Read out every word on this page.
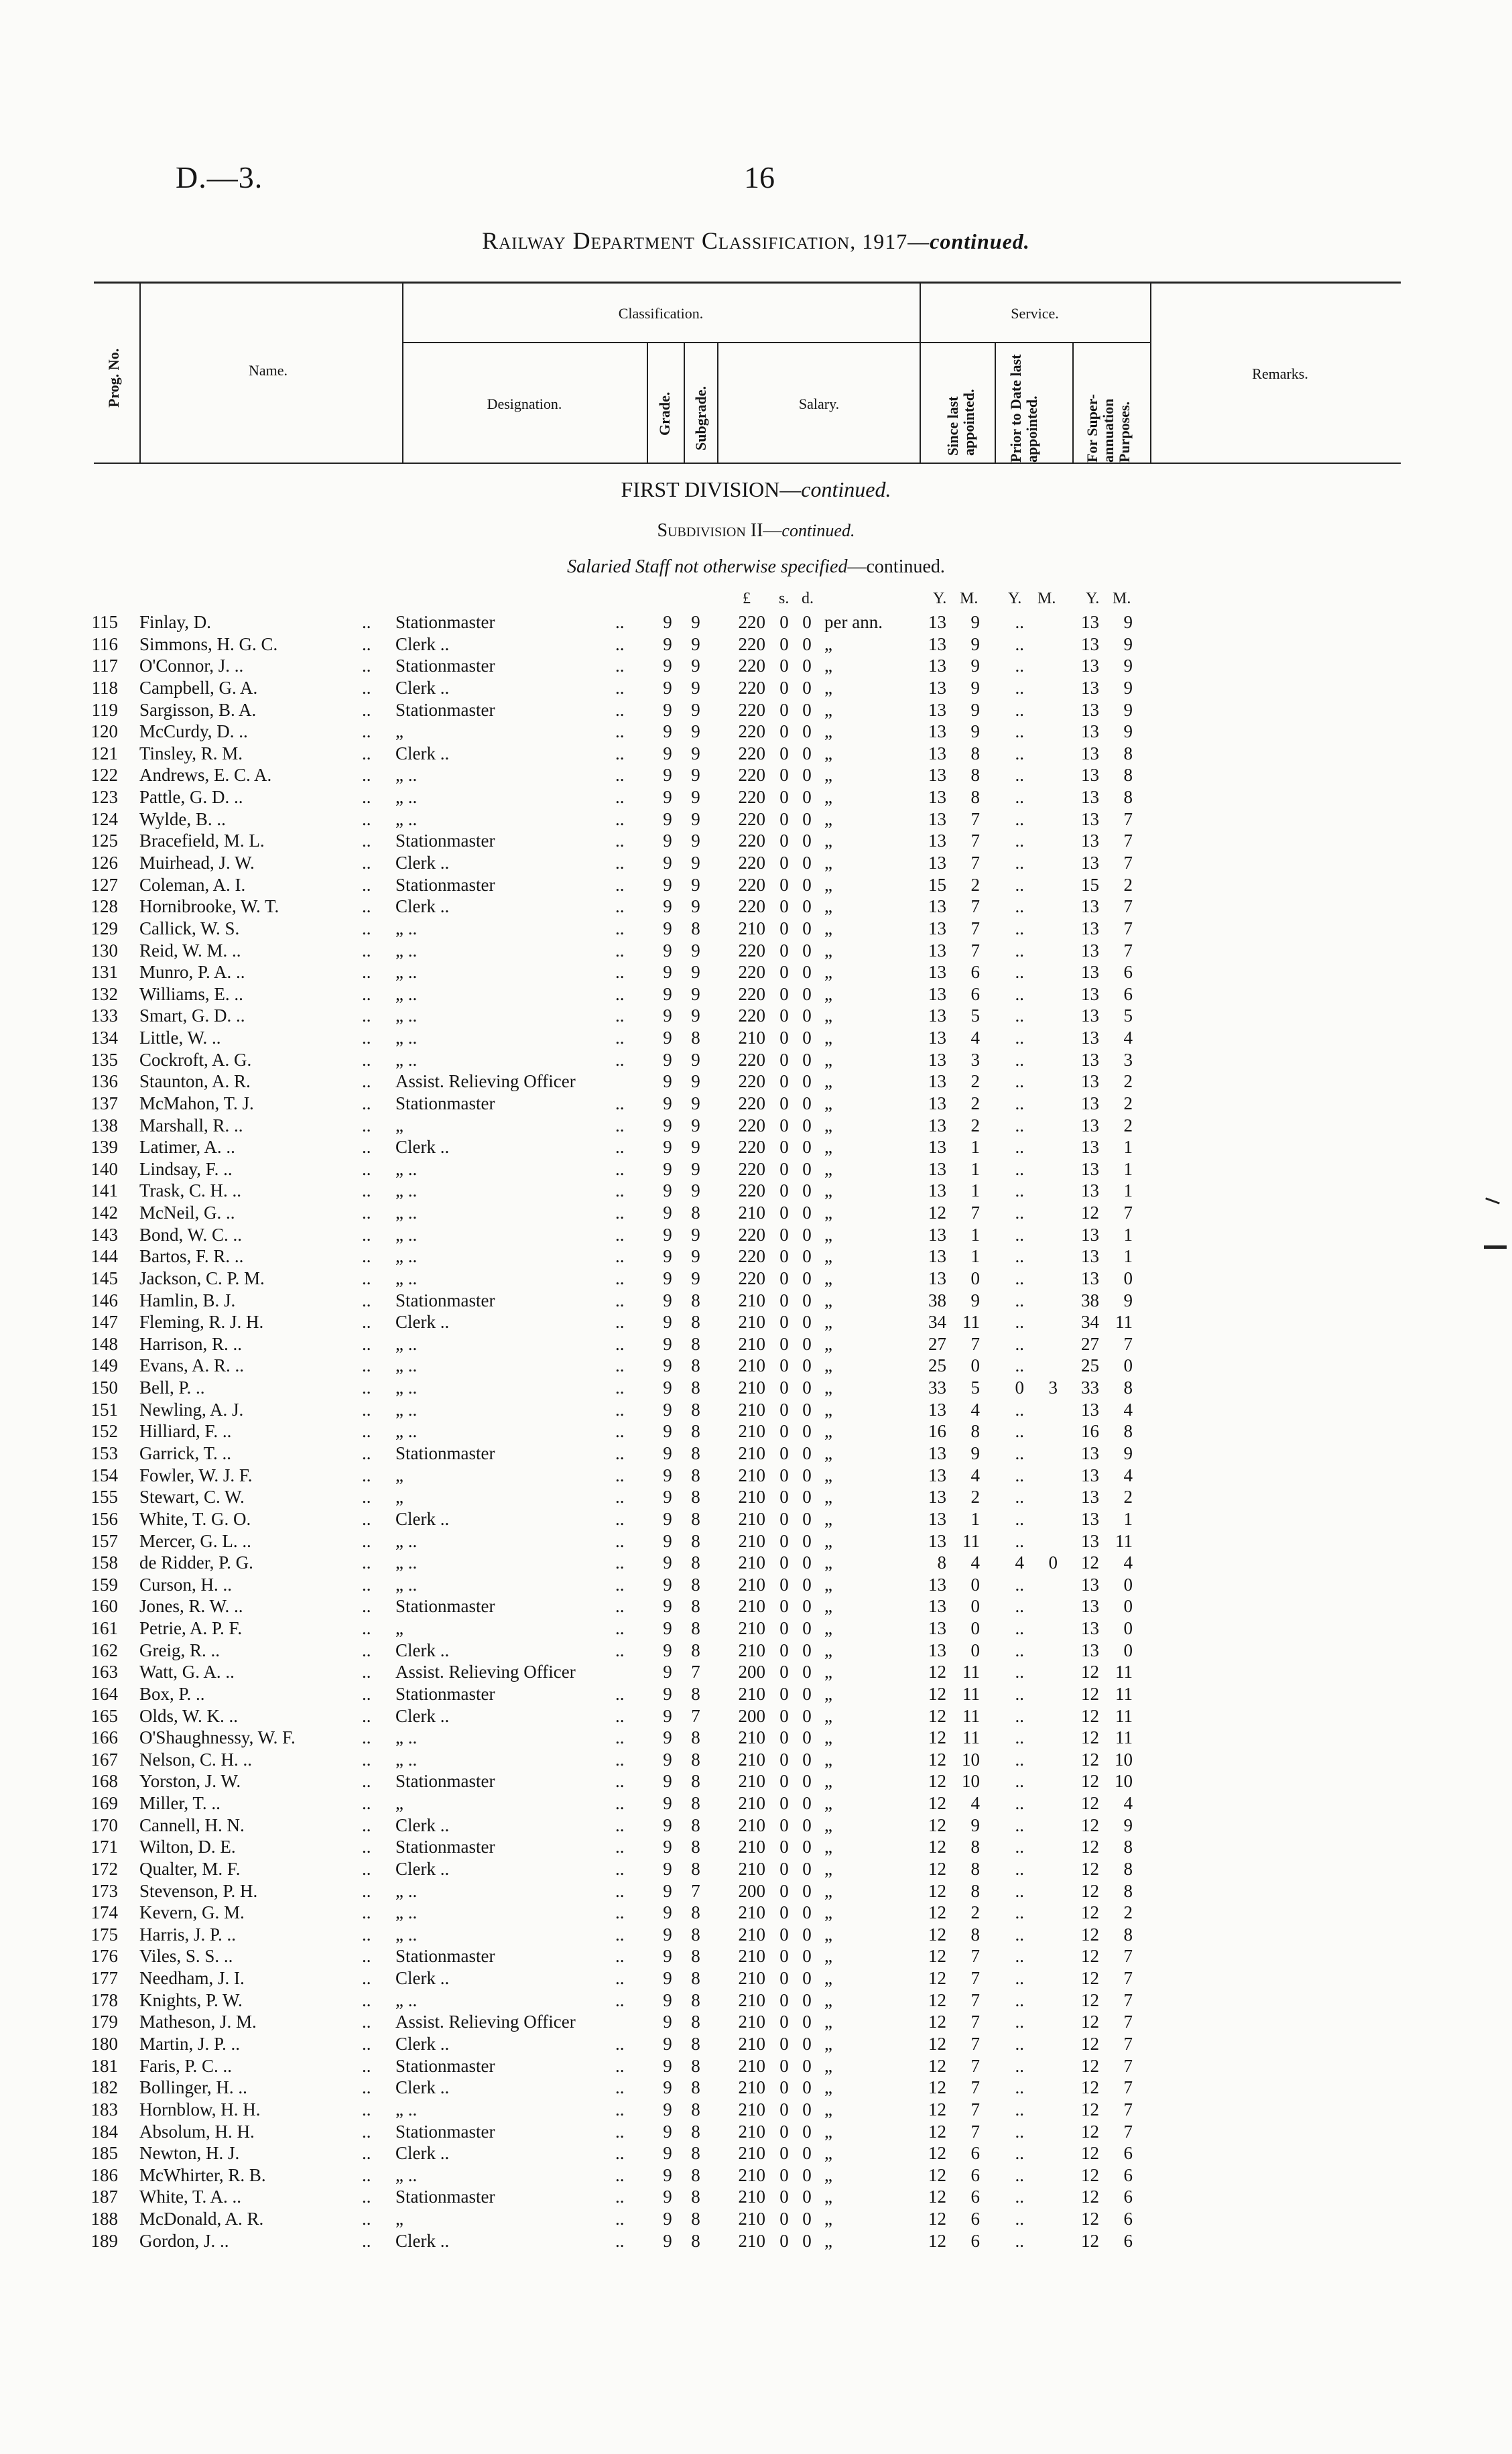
D.—3.	16
Railway Department Classification, 1917—continued.
Prog. No.	Name.
Classification.	Service.
Designation.	Grade. Subgrade.	Salary.	Since last appointed. Prior to Date last appointed.	For Super-annuation Purposes.
Remarks.
FIRST DIVISION—continued.
Subdivision II—continued.
Salaried Staff not otherwise specified—continued.
£ s. d.	Y. M. Y. M. Y. M.
115 Finlay, D.	.. Stationmaster	..	9	9	220 0 0 per ann.	13	9	..	13	9
116 Simmons, H. G. C.	.. Clerk ..	..	9	9	220 0 0 „	13	9	..	13	9
117 O'Connor, J. ..	.. Stationmaster	..	9	9	220 0 0 „	13	9	..	13	9
118 Campbell, G. A.	.. Clerk ..	..	9	9	220 0 0 „	13	9	..	13	9
119 Sargisson, B. A.	.. Stationmaster	..	9	9	220 0 0 „	13	9	..	13	9
120 McCurdy, D. ..	.. „	..	9	9	220 0 0 „	13	9	..	13	9
121 Tinsley, R. M.	.. Clerk ..	..	9	9	220 0 0 „	13	8	..	13	8
122 Andrews, E. C. A.	.. „ ..	..	9	9	220 0 0 „	13	8	..	13	8
123 Pattle, G. D. ..	.. „ ..	..	9	9	220 0 0 „	13	8	..	13	8
124 Wylde, B. ..	.. „ ..	..	9	9	220 0 0 „	13	7	..	13	7
125 Bracefield, M. L.	.. Stationmaster	..	9	9	220 0 0 „	13	7	..	13	7
126 Muirhead, J. W.	.. Clerk ..	..	9	9	220 0 0 „	13	7	..	13	7
127 Coleman, A. I.	.. Stationmaster	..	9	9	220 0 0 „	15	2	..	15	2
128 Hornibrooke, W. T.	.. Clerk ..	..	9	9	220 0 0 „	13	7	..	13	7
129 Callick, W. S.	.. „ ..	..	9	8	210 0 0 „	13	7	..	13	7
130 Reid, W. M. ..	.. „ ..	..	9	9	220 0 0 „	13	7	..	13	7
131 Munro, P. A. ..	.. „ ..	..	9	9	220 0 0 „	13	6	..	13	6
132 Williams, E. ..	.. „ ..	..	9	9	220 0 0 „	13	6	..	13	6
133 Smart, G. D. ..	.. „ ..	..	9	9	220 0 0 „	13	5	..	13	5
134 Little, W. ..	.. „ ..	..	9	8	210 0 0 „	13	4	..	13	4
135 Cockroft, A. G.	.. „ ..	..	9	9	220 0 0 „	13	3	..	13	3
136 Staunton, A. R.	.. Assist. Relieving Officer	9	9	220 0 0 „	13	2	..	13	2
137 McMahon, T. J.	.. Stationmaster	..	9	9	220 0 0 „	13	2	..	13	2
138 Marshall, R. ..	.. „	..	9	9	220 0 0 „	13	2	..	13	2
139 Latimer, A. ..	.. Clerk ..	..	9	9	220 0 0 „	13	1	..	13	1
140 Lindsay, F. ..	.. „ ..	..	9	9	220 0 0 „	13	1	..	13	1
141 Trask, C. H. ..	.. „ ..	..	9	9	220 0 0 „	13	1	..	13	1
142 McNeil, G. ..	.. „ ..	..	9	8	210 0 0 „	12	7	..	12	7
143 Bond, W. C. ..	.. „ ..	..	9	9	220 0 0 „	13	1	..	13	1
144 Bartos, F. R. ..	.. „ ..	..	9	9	220 0 0 „	13	1	..	13	1
145 Jackson, C. P. M.	.. „ ..	..	9	9	220 0 0 „	13	0	..	13	0
146 Hamlin, B. J.	.. Stationmaster	..	9	8	210 0 0 „	38	9	..	38	9
147 Fleming, R. J. H.	.. Clerk ..	..	9	8	210 0 0 „	34 11	..	34 11
148 Harrison, R. ..	.. „ ..	..	9	8	210 0 0 „	27	7	..	27	7
149 Evans, A. R. ..	.. „ ..	..	9	8	210 0 0 „	25	0	..	25	0
150 Bell, P. ..	.. „ ..	..	9	8	210 0 0 „	33	5	0	3	33	8
151 Newling, A. J.	.. „ ..	..	9	8	210 0 0 „	13	4	..	13	4
152 Hilliard, F. ..	.. „ ..	..	9	8	210 0 0 „	16	8	..	16	8
153 Garrick, T. ..	.. Stationmaster	..	9	8	210 0 0 „	13	9	..	13	9
154 Fowler, W. J. F.	.. „	..	9	8	210 0 0 „	13	4	..	13	4
155 Stewart, C. W.	.. „	..	9	8	210 0 0 „	13	2	..	13	2
156 White, T. G. O.	.. Clerk ..	..	9	8	210 0 0 „	13	1	..	13	1
157 Mercer, G. L. ..	.. „ ..	..	9	8	210 0 0 „	13 11	..	13 11
158 de Ridder, P. G.	.. „ ..	..	9	8	210 0 0 „	8	4	4	0	12	4
159 Curson, H. ..	.. „ ..	..	9	8	210 0 0 „	13	0	..	13	0
160 Jones, R. W. ..	.. Stationmaster	..	9	8	210 0 0 „	13	0	..	13	0
161 Petrie, A. P. F.	.. „	..	9	8	210 0 0 „	13	0	..	13	0
162 Greig, R. ..	.. Clerk ..	..	9	8	210 0 0 „	13	0	..	13	0
163 Watt, G. A. ..	.. Assist. Relieving Officer	9	7	200 0 0 „	12 11	..	12 11
164 Box, P. ..	.. Stationmaster	..	9	8	210 0 0 „	12 11	..	12 11
165 Olds, W. K. ..	.. Clerk ..	..	9	7	200 0 0 „	12 11	..	12 11
166 O'Shaughnessy, W. F.	.. „ ..	..	9	8	210 0 0 „	12 11	..	12 11
167 Nelson, C. H. ..	.. „ ..	..	9	8	210 0 0 „	12 10	..	12 10
168 Yorston, J. W.	.. Stationmaster	..	9	8	210 0 0 „	12 10	..	12 10
169 Miller, T. ..	.. „	..	9	8	210 0 0 „	12	4	..	12	4
170 Cannell, H. N.	.. Clerk ..	..	9	8	210 0 0 „	12	9	..	12	9
171 Wilton, D. E.	.. Stationmaster	..	9	8	210 0 0 „	12	8	..	12	8
172 Qualter, M. F.	.. Clerk ..	..	9	8	210 0 0 „	12	8	..	12	8
173 Stevenson, P. H.	.. „ ..	..	9	7	200 0 0 „	12	8	..	12	8
174 Kevern, G. M.	.. „ ..	..	9	8	210 0 0 „	12	2	..	12	2
175 Harris, J. P. ..	.. „ ..	..	9	8	210 0 0 „	12	8	..	12	8
176 Viles, S. S. ..	.. Stationmaster	..	9	8	210 0 0 „	12	7	..	12	7
177 Needham, J. I.	.. Clerk ..	..	9	8	210 0 0 „	12	7	..	12	7
178 Knights, P. W.	.. „ ..	..	9	8	210 0 0 „	12	7	..	12	7
179 Matheson, J. M.	.. Assist. Relieving Officer	9	8	210 0 0 „	12	7	..	12	7
180 Martin, J. P. ..	.. Clerk ..	..	9	8	210 0 0 „	12	7	..	12	7
181 Faris, P. C. ..	.. Stationmaster	..	9	8	210 0 0 „	12	7	..	12	7
182 Bollinger, H. ..	.. Clerk ..	..	9	8	210 0 0 „	12	7	..	12	7
183 Hornblow, H. H.	.. „ ..	..	9	8	210 0 0 „	12	7	..	12	7
184 Absolum, H. H.	.. Stationmaster	..	9	8	210 0 0 „	12	7	..	12	7
185 Newton, H. J.	.. Clerk ..	..	9	8	210 0 0 „	12	6	..	12	6
186 McWhirter, R. B.	.. „ ..	..	9	8	210 0 0 „	12	6	..	12	6
187 White, T. A. ..	.. Stationmaster	..	9	8	210 0 0 „	12	6	..	12	6
188 McDonald, A. R.	.. „	..	9	8	210 0 0 „	12	6	..	12	6
189 Gordon, J. ..	.. Clerk ..	..	9	8	210 0 0 „	12	6	..	12	6
